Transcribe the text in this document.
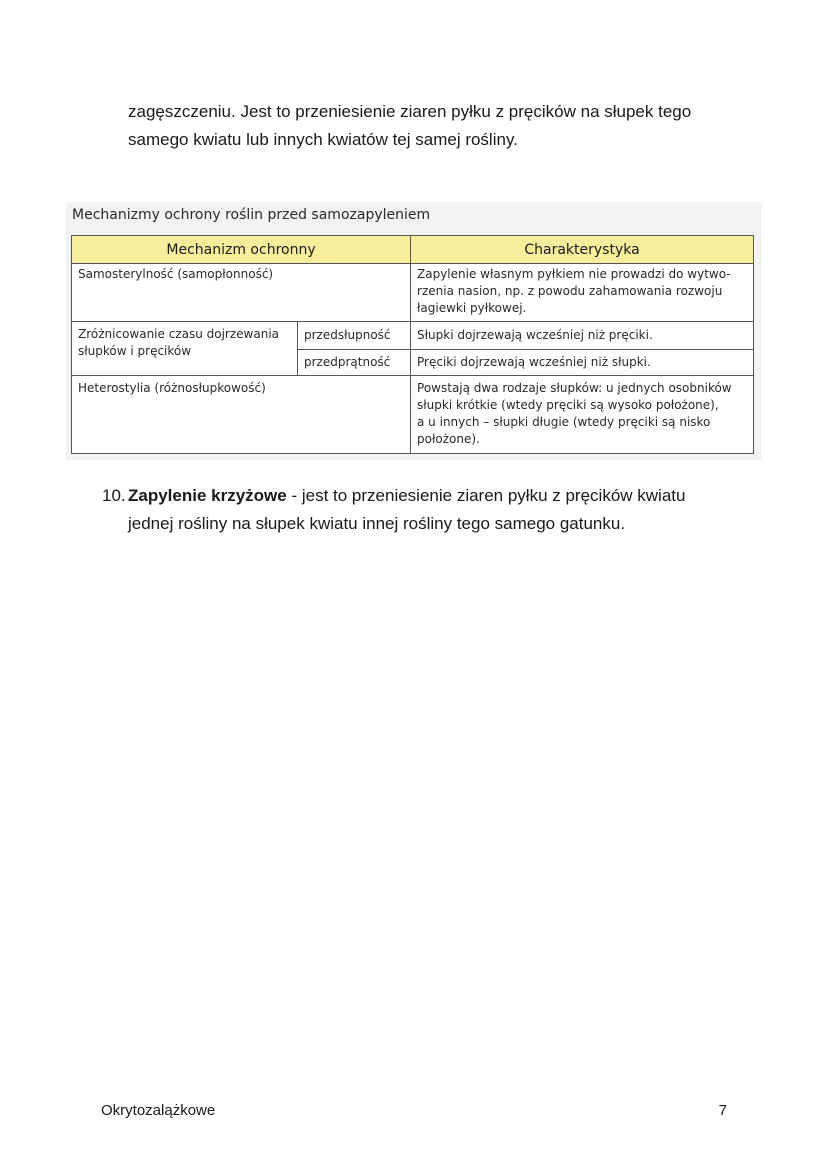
zagęszczeniu. Jest to przeniesienie ziaren pyłku z pręcików na słupek tego
samego kwiatu lub innych kwiatów tej samej rośliny.

Mechanizmy ochrony roślin przed samozapyleniem

Mechanizm ochronny		Charakterystyka
Samosterylność (samopłonność)		Zapylenie własnym pyłkiem nie prowadzi do wytwo-
rzenia nasion, np. z powodu zahamowania rozwoju
łagiewki pyłkowej.
Zróżnicowanie czasu dojrzewania
słupków i pręcików	przedsłupność	Słupki dojrzewają wcześniej niż pręciki.
	przedprątność	Pręciki dojrzewają wcześniej niż słupki.
Heterostylia (różnosłupkowość)		Powstają dwa rodzaje słupków: u jednych osobników
słupki krótkie (wtedy pręciki są wysoko położone),
a u innych – słupki długie (wtedy pręciki są nisko
położone).

10. Zapylenie krzyżowe - jest to przeniesienie ziaren pyłku z pręcików kwiatu
jednej rośliny na słupek kwiatu innej rośliny tego samego gatunku.

Okrytozalążkowe	7
